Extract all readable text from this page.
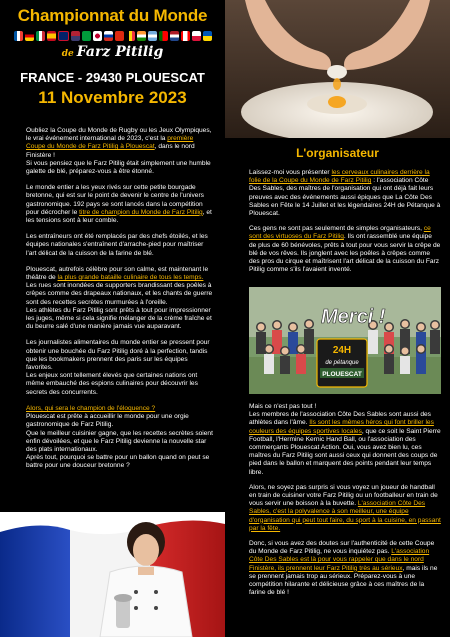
Championnat du Monde
de Farz Pitilig
FRANCE - 29430 PLOUESCAT
11 Novembre 2023

Oubliez la Coupe du Monde de Rugby ou les Jeux Olympiques, le vrai événement international de 2023, c'est la première Coupe du Monde de Farz Pitilig à Plouescat, dans le nord Finistère !
Si vous pensiez que le Farz Pitilig était simplement une humble galette de blé, préparez-vous à être étonné.

Le monde entier a les yeux rivés sur cette petite bourgade bretonne, qui est sur le point de devenir le centre de l'univers gastronomique. 192 pays se sont lancés dans la compétition pour décrocher le titre de champion du Monde de Farz Pitilig, et les tensions sont à leur comble.

Les entraîneurs ont été remplacés par des chefs étoilés, et les équipes nationales s'entraînent d'arrache-pied pour maîtriser l'art délicat de la cuisson de la farine de blé.

Plouescat, autrefois célèbre pour son calme, est maintenant le théâtre de la plus grande bataille culinaire de tous les temps.
Les rues sont inondées de supporters brandissant des poêles à crêpes comme des drapeaux nationaux, et les chants de guerre sont des recettes secrètes murmurées à l'oreille.
Les athlètes du Farz Pitilig sont prêts à tout pour impressionner les juges, même si cela signifie mélanger de la crème fraîche et du beurre salé d'une manière jamais vue auparavant.

Les journalistes alimentaires du monde entier se pressent pour obtenir une bouchée du Farz Pitilig doré à la perfection, tandis que les bookmakers prennent des paris sur les équipes favorites.
Les enjeux sont tellement élevés que certaines nations ont même embauché des espions culinaires pour découvrir les secrets des concurrents.

Alors, qui sera le champion de l'éloquence ?
Plouescat est prête à accueillir le monde pour une orgie gastronomique de Farz Pitilig.
Que le meilleur cuisinier gagne, que les recettes secrètes soient enfin dévoilées, et que le Farz Pitilig devienne la nouvelle star des plats internationaux.
Après tout, pourquoi se battre pour un ballon quand on peut se battre pour une douceur bretonne ?

L'organisateur

Laissez-moi vous présenter les cerveaux culinaires derrière la folie de la Coupe du Monde de Farz Pitilig : l'association Côte Des Sables, des maîtres de l'organisation qui ont déjà fait leurs preuves avec des événements aussi épiques que La Côte Des Sables en Fête le 14 Juillet et les légendaires 24H de Pétanque à Plouescat.

Ces gens ne sont pas seulement de simples organisateurs, ce sont des virtuoses du Farz Pitilig. Ils ont rassemblé une équipe de plus de 60 bénévoles, prêts à tout pour vous servir la crêpe de blé de vos rêves. Ils jonglent avec les poêles à crêpes comme des pros du cirque et maîtrisent l'art délicat de la cuisson du Farz Pitilig comme s'ils l'avaient inventé.

Merci !
24H
de pétanque
PLOUESCAT

Mais ce n'est pas tout !
Les membres de l'association Côte Des Sables sont aussi des athlètes dans l'âme. Ils sont les mêmes héros qui font briller les couleurs des équipes sportives locales, que ce soit le Saint Pierre Football, l'Hermine Kernic Hand Ball, ou l'association des commerçants Plouescat Action. Oui, vous avez bien lu, ces maîtres du Farz Pitilig sont aussi ceux qui donnent des coups de pied dans le ballon et marquent des points pendant leur temps libre.

Alors, ne soyez pas surpris si vous voyez un joueur de handball en train de cuisiner votre Farz Pitilig ou un footballeur en train de vous servir une boisson à la buvette. L'association Côte Des Sables, c'est la polyvalence à son meilleur, une équipe d'organisation qui peut tout faire, du sport à la cuisine, en passant par la fête.

Donc, si vous avez des doutes sur l'authenticité de cette Coupe du Monde de Farz Pitilig, ne vous inquiétez pas. L'association Côte Des Sables est là pour vous rappeler que dans le nord Finistère, ils prennent leur Farz Pitilig très au sérieux, mais ils ne se prennent jamais trop au sérieux. Préparez-vous à une compétition hilarante et délicieuse grâce à ces maîtres de la farine de blé !
